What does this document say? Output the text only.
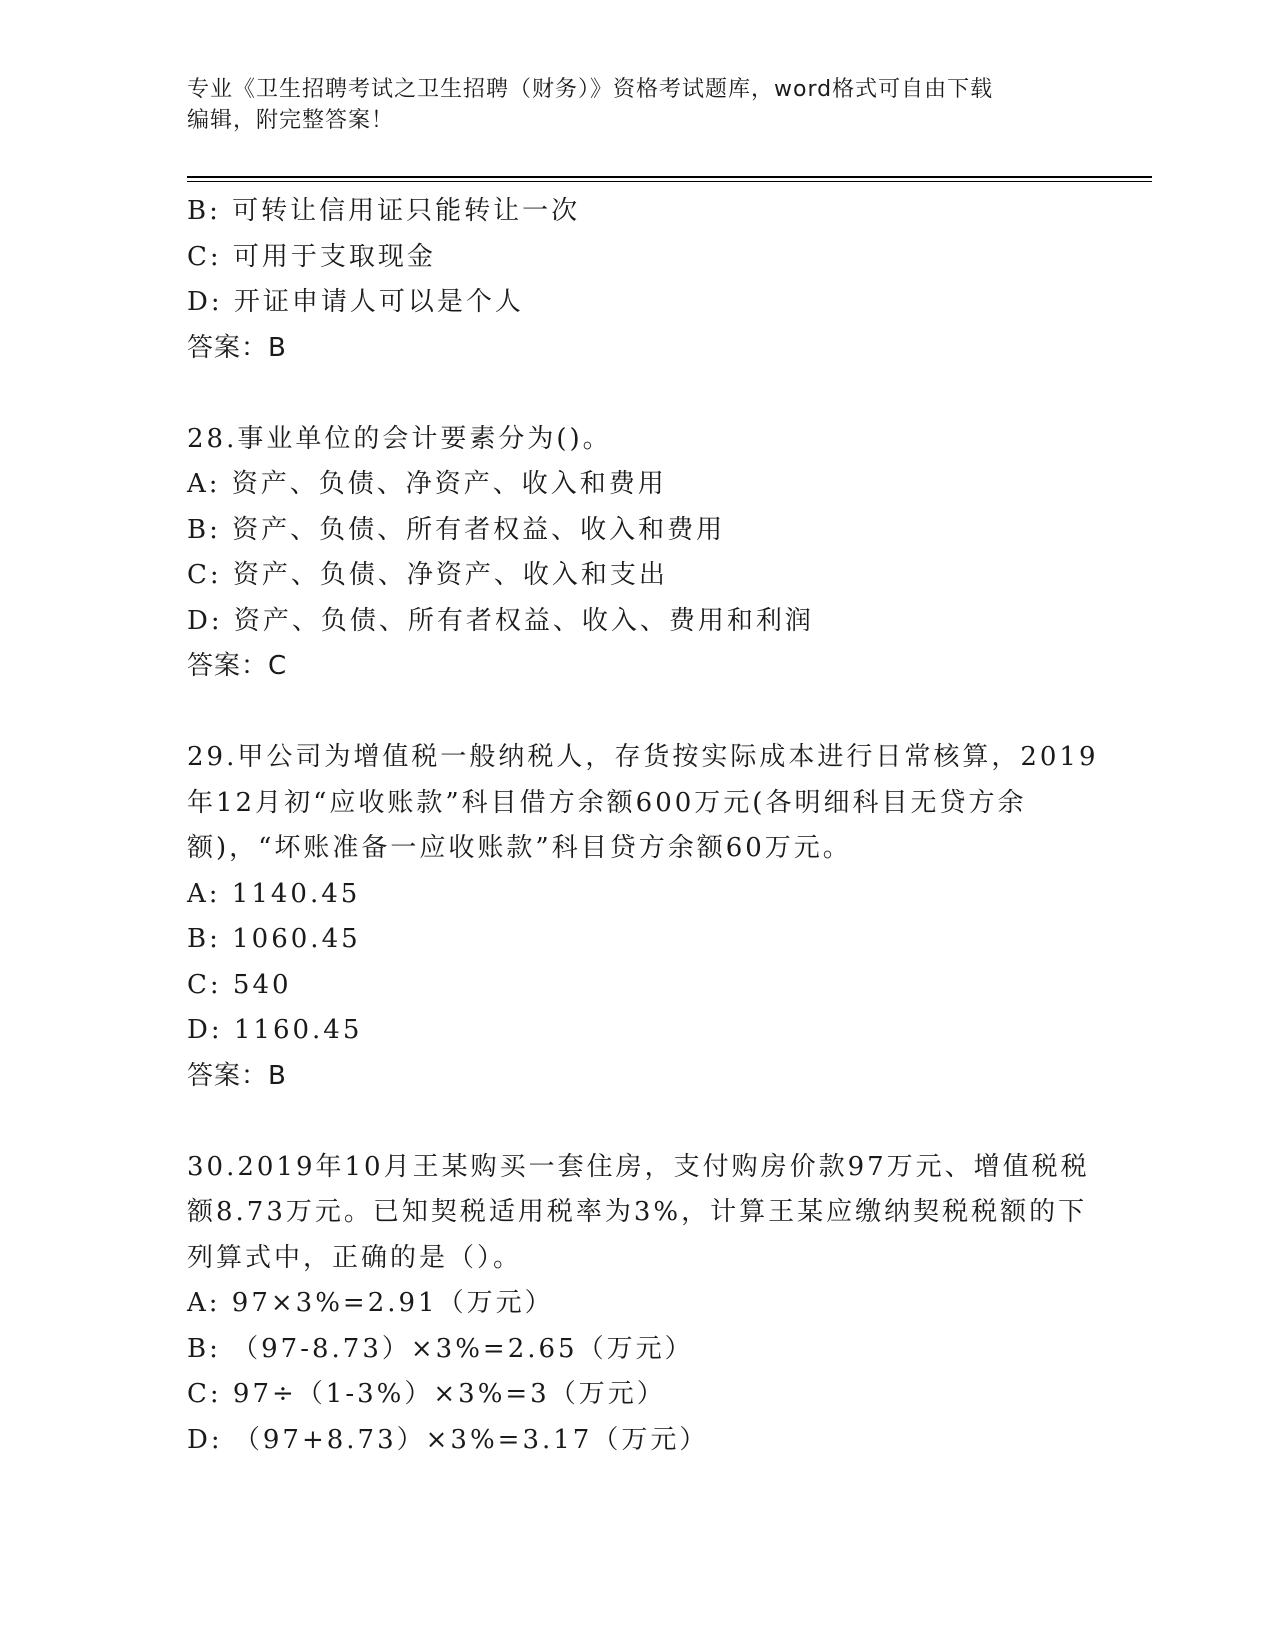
专业《卫生招聘考试之卫生招聘（财务）》资格考试题库，word格式可自由下载
编辑，附完整答案！
B: 可转让信用证只能转让一次
C: 可用于支取现金
D: 开证申请人可以是个人
答案：B
28.事业单位的会计要素分为()。
A: 资产、负债、净资产、收入和费用
B: 资产、负债、所有者权益、收入和费用
C: 资产、负债、净资产、收入和支出
D: 资产、负债、所有者权益、收入、费用和利润
答案：C
29.甲公司为增值税一般纳税人，存货按实际成本进行日常核算，2019
年12月初“应收账款”科目借方余额600万元(各明细科目无贷方余
额)，“坏账准备一应收账款”科目贷方余额60万元。
A: 1140.45
B: 1060.45
C: 540
D: 1160.45
答案：B
30.2019年10月王某购买一套住房，支付购房价款97万元、增值税税
额8.73万元。已知契税适用税率为3%，计算王某应缴纳契税税额的下
列算式中，正确的是（）。
A: 97×3%=2.91（万元）
B: （97-8.73）×3%=2.65（万元）
C: 97÷（1-3%）×3%=3（万元）
D: （97+8.73）×3%=3.17（万元）
